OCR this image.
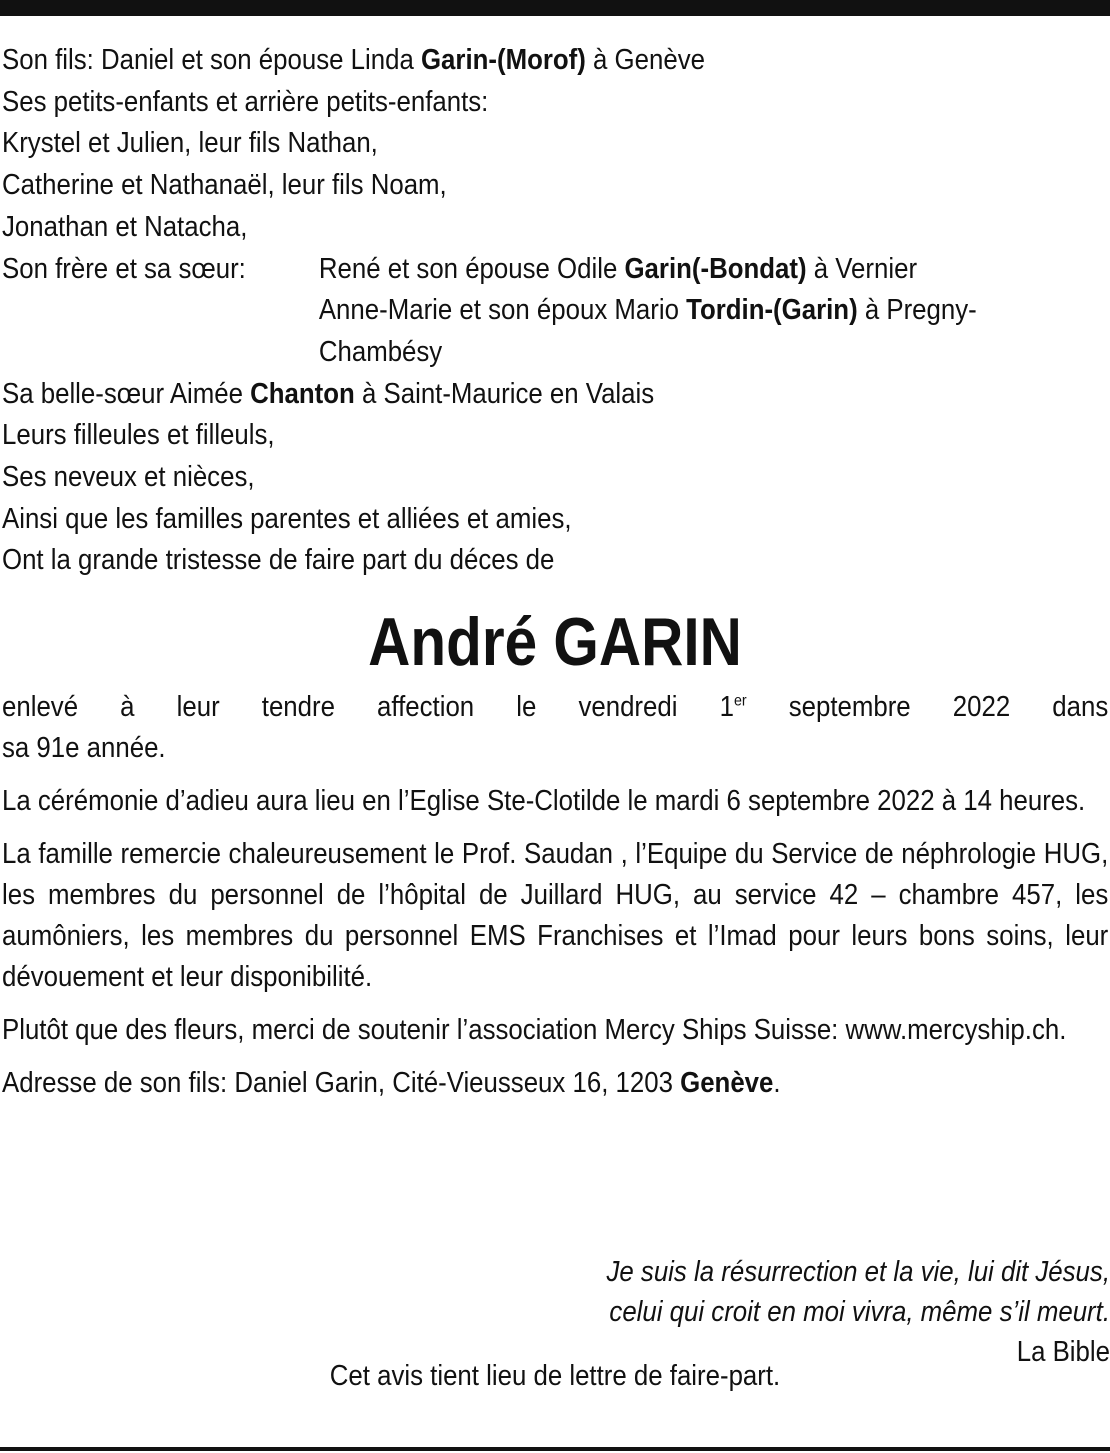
Son fils: Daniel et son épouse Linda Garin-(Morof) à Genève
Ses petits-enfants et arrière petits-enfants:
Krystel et Julien, leur fils Nathan,
Catherine et Nathanaël, leur fils Noam,
Jonathan et Natacha,
Son frère et sa sœur:	René et son épouse Odile Garin(-Bondat) à Vernier
Anne-Marie et son époux Mario Tordin-(Garin) à Pregny-
Chambésy
Sa belle-sœur Aimée Chanton à Saint-Maurice en Valais
Leurs filleules et filleuls,
Ses neveux et nièces,
Ainsi que les familles parentes et alliées et amies,
Ont la grande tristesse de faire part du déces de
André GARIN
enlevé à leur tendre affection le vendredi 1er septembre 2022 dans
sa 91e année.

La cérémonie d’adieu aura lieu en l’Eglise Ste-Clotilde le mardi 6 septembre 2022 à 14 heures.

La famille remercie chaleureusement le Prof. Saudan , l’Equipe du Service de néphrologie HUG, les membres du personnel de l’hôpital de Juillard HUG, au service 42 – chambre 457, les aumôniers, les membres du personnel EMS Franchises et l’Imad pour leurs bons soins, leur dévouement et leur disponibilité.

Plutôt que des fleurs, merci de soutenir l’association Mercy Ships Suisse: www.mercyship.ch.

Adresse de son fils: Daniel Garin, Cité-Vieusseux 16, 1203 Genève.
Je suis la résurrection et la vie, lui dit Jésus,
celui qui croit en moi vivra, même s’il meurt.
La Bible
Cet avis tient lieu de lettre de faire-part.
